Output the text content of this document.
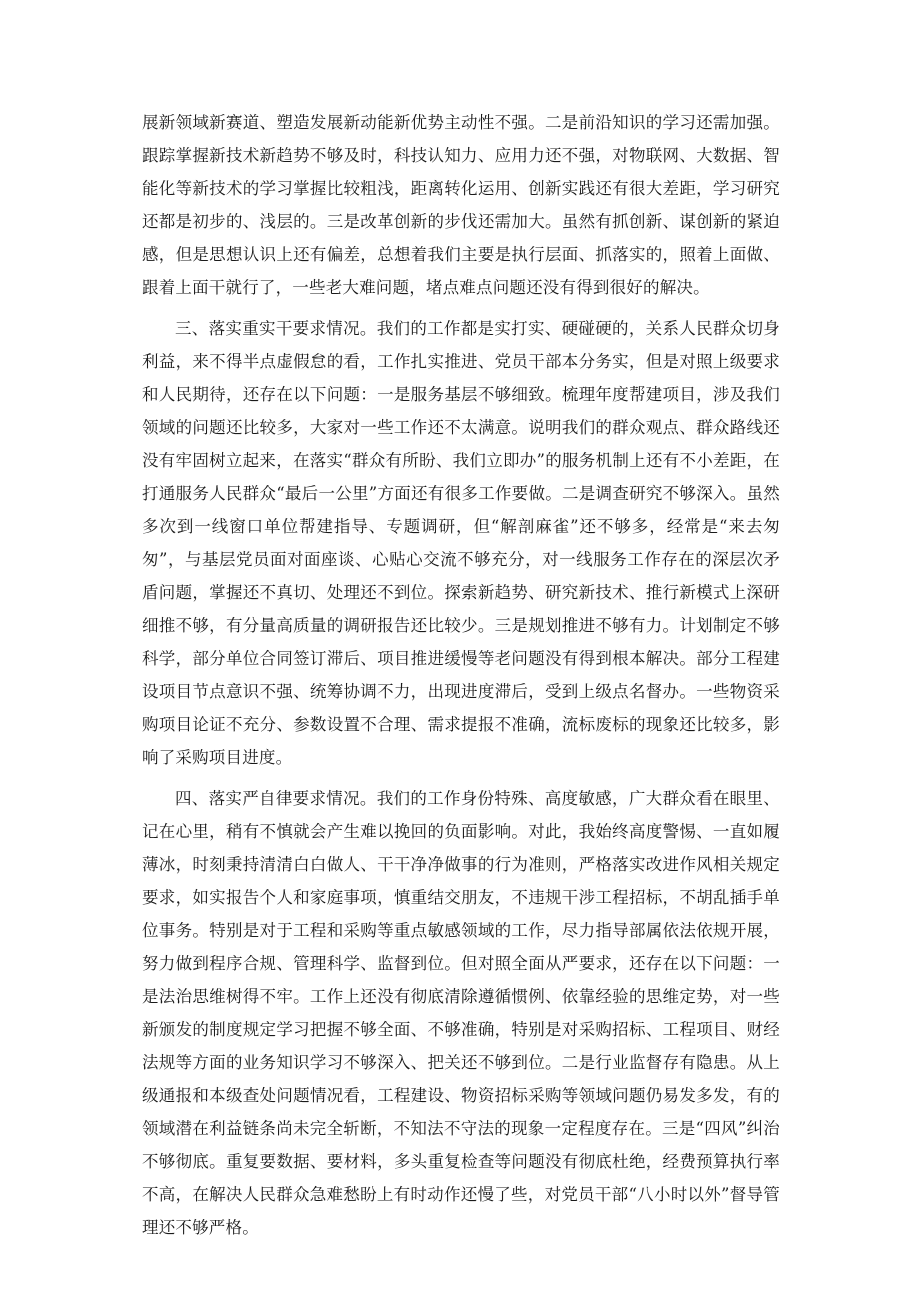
展新领域新赛道、塑造发展新动能新优势主动性不强。二是前沿知识的学习还需加强。跟踪掌握新技术新趋势不够及时，科技认知力、应用力还不强，对物联网、大数据、智能化等新技术的学习掌握比较粗浅，距离转化运用、创新实践还有很大差距，学习研究还都是初步的、浅层的。三是改革创新的步伐还需加大。虽然有抓创新、谋创新的紧迫感，但是思想认识上还有偏差，总想着我们主要是执行层面、抓落实的，照着上面做、跟着上面干就行了，一些老大难问题，堵点难点问题还没有得到很好的解决。

三、落实重实干要求情况。我们的工作都是实打实、硬碰硬的，关系人民群众切身利益，来不得半点虚假怠的看，工作扎实推进、党员干部本分务实，但是对照上级要求和人民期待，还存在以下问题：一是服务基层不够细致。梳理年度帮建项目，涉及我们领域的问题还比较多，大家对一些工作还不太满意。说明我们的群众观点、群众路线还没有牢固树立起来，在落实“群众有所盼、我们立即办”的服务机制上还有不小差距，在打通服务人民群众“最后一公里”方面还有很多工作要做。二是调查研究不够深入。虽然多次到一线窗口单位帮建指导、专题调研，但“解剖麻雀”还不够多，经常是“来去匆匆”，与基层党员面对面座谈、心贴心交流不够充分，对一线服务工作存在的深层次矛盾问题，掌握还不真切、处理还不到位。探索新趋势、研究新技术、推行新模式上深研细推不够，有分量高质量的调研报告还比较少。三是规划推进不够有力。计划制定不够科学，部分单位合同签订滞后、项目推进缓慢等老问题没有得到根本解决。部分工程建设项目节点意识不强、统筹协调不力，出现进度滞后，受到上级点名督办。一些物资采购项目论证不充分、参数设置不合理、需求提报不准确，流标废标的现象还比较多，影响了采购项目进度。

四、落实严自律要求情况。我们的工作身份特殊、高度敏感，广大群众看在眼里、记在心里，稍有不慎就会产生难以挽回的负面影响。对此，我始终高度警惕、一直如履薄冰，时刻秉持清清白白做人、干干净净做事的行为准则，严格落实改进作风相关规定要求，如实报告个人和家庭事项，慎重结交朋友，不违规干涉工程招标，不胡乱插手单位事务。特别是对于工程和采购等重点敏感领域的工作，尽力指导部属依法依规开展，努力做到程序合规、管理科学、监督到位。但对照全面从严要求，还存在以下问题：一是法治思维树得不牢。工作上还没有彻底清除遵循惯例、依靠经验的思维定势，对一些新颁发的制度规定学习把握不够全面、不够准确，特别是对采购招标、工程项目、财经法规等方面的业务知识学习不够深入、把关还不够到位。二是行业监督存有隐患。从上级通报和本级查处问题情况看，工程建设、物资招标采购等领域问题仍易发多发，有的领域潜在利益链条尚未完全斩断，不知法不守法的现象一定程度存在。三是“四风”纠治不够彻底。重复要数据、要材料，多头重复检查等问题没有彻底杜绝，经费预算执行率不高，在解决人民群众急难愁盼上有时动作还慢了些，对党员干部“八小时以外”督导管理还不够严格。
